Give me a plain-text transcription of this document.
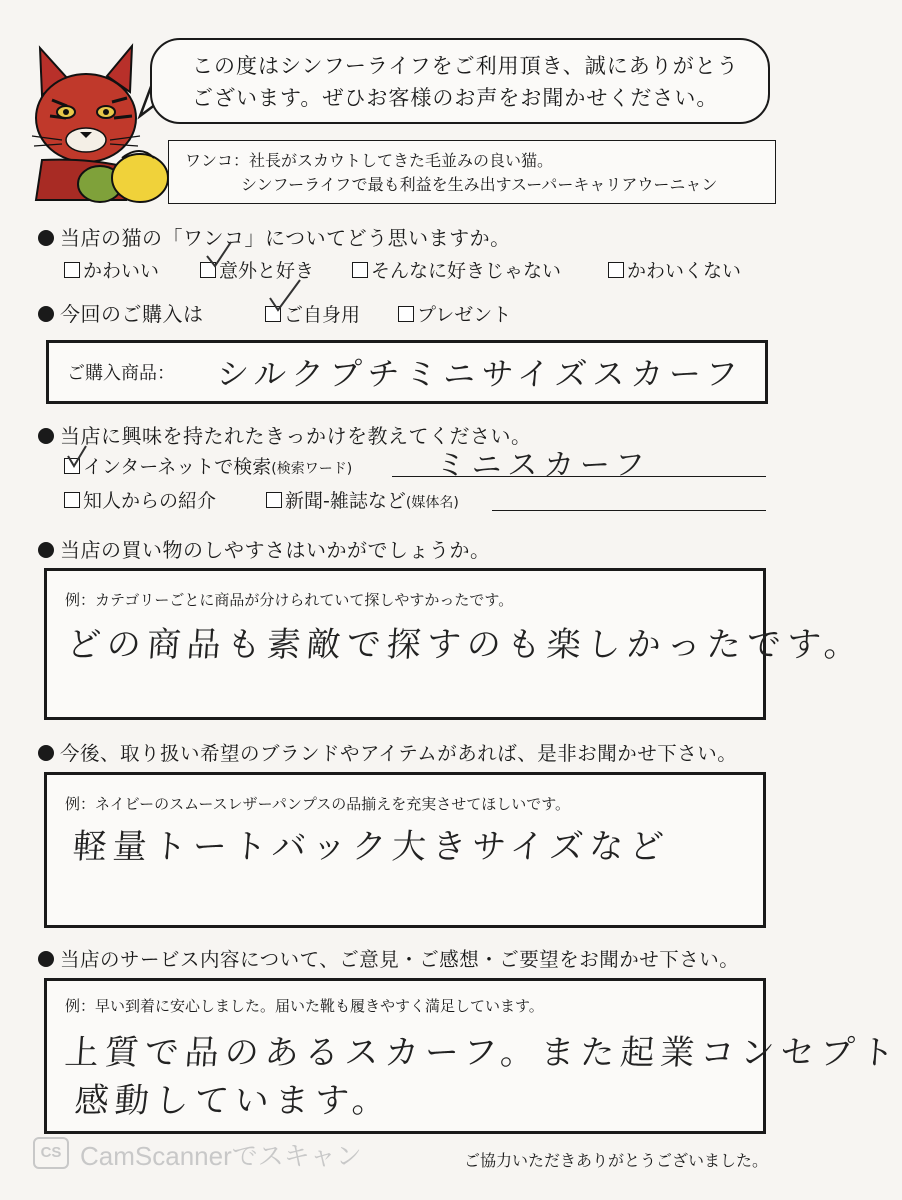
この度はシンフーライフをご利用頂き、誠にありがとう
ございます。ぜひお客様のお声をお聞かせください。
ワンコ：社長がスカウトしてきた毛並みの良い猫。
シンフーライフで最も利益を生み出すスーパーキャリアウーニャン
当店の猫の「ワンコ」についてどう思いますか。
かわいい	意外と好き	そんなに好きじゃない	かわいくない
今回のご購入は	ご自身用	プレゼント
ご購入商品： シルクプチミニサイズスカーフ
当店に興味を持たれたきっかけを教えてください。
インターネットで検索(検索ワード)	ミニスカーフ
知人からの紹介	新聞‐雑誌など(媒体名)
当店の買い物のしやすさはいかがでしょうか。
例：カテゴリーごとに商品が分けられていて探しやすかったです。
どの商品も素敵で探すのも楽しかったです。
今後、取り扱い希望のブランドやアイテムがあれば、是非お聞かせ下さい。
例：ネイビーのスムースレザーパンプスの品揃えを充実させてほしいです。
軽量トートバック大きサイズなど
当店のサービス内容について、ご意見・ご感想・ご要望をお聞かせ下さい。
例：早い到着に安心しました。届いた靴も履きやすく満足しています。
上質で品のあるスカーフ。また起業コンセプト
感動しています。
CS CamScannerでスキャン	ご協力いただきありがとうございました。
